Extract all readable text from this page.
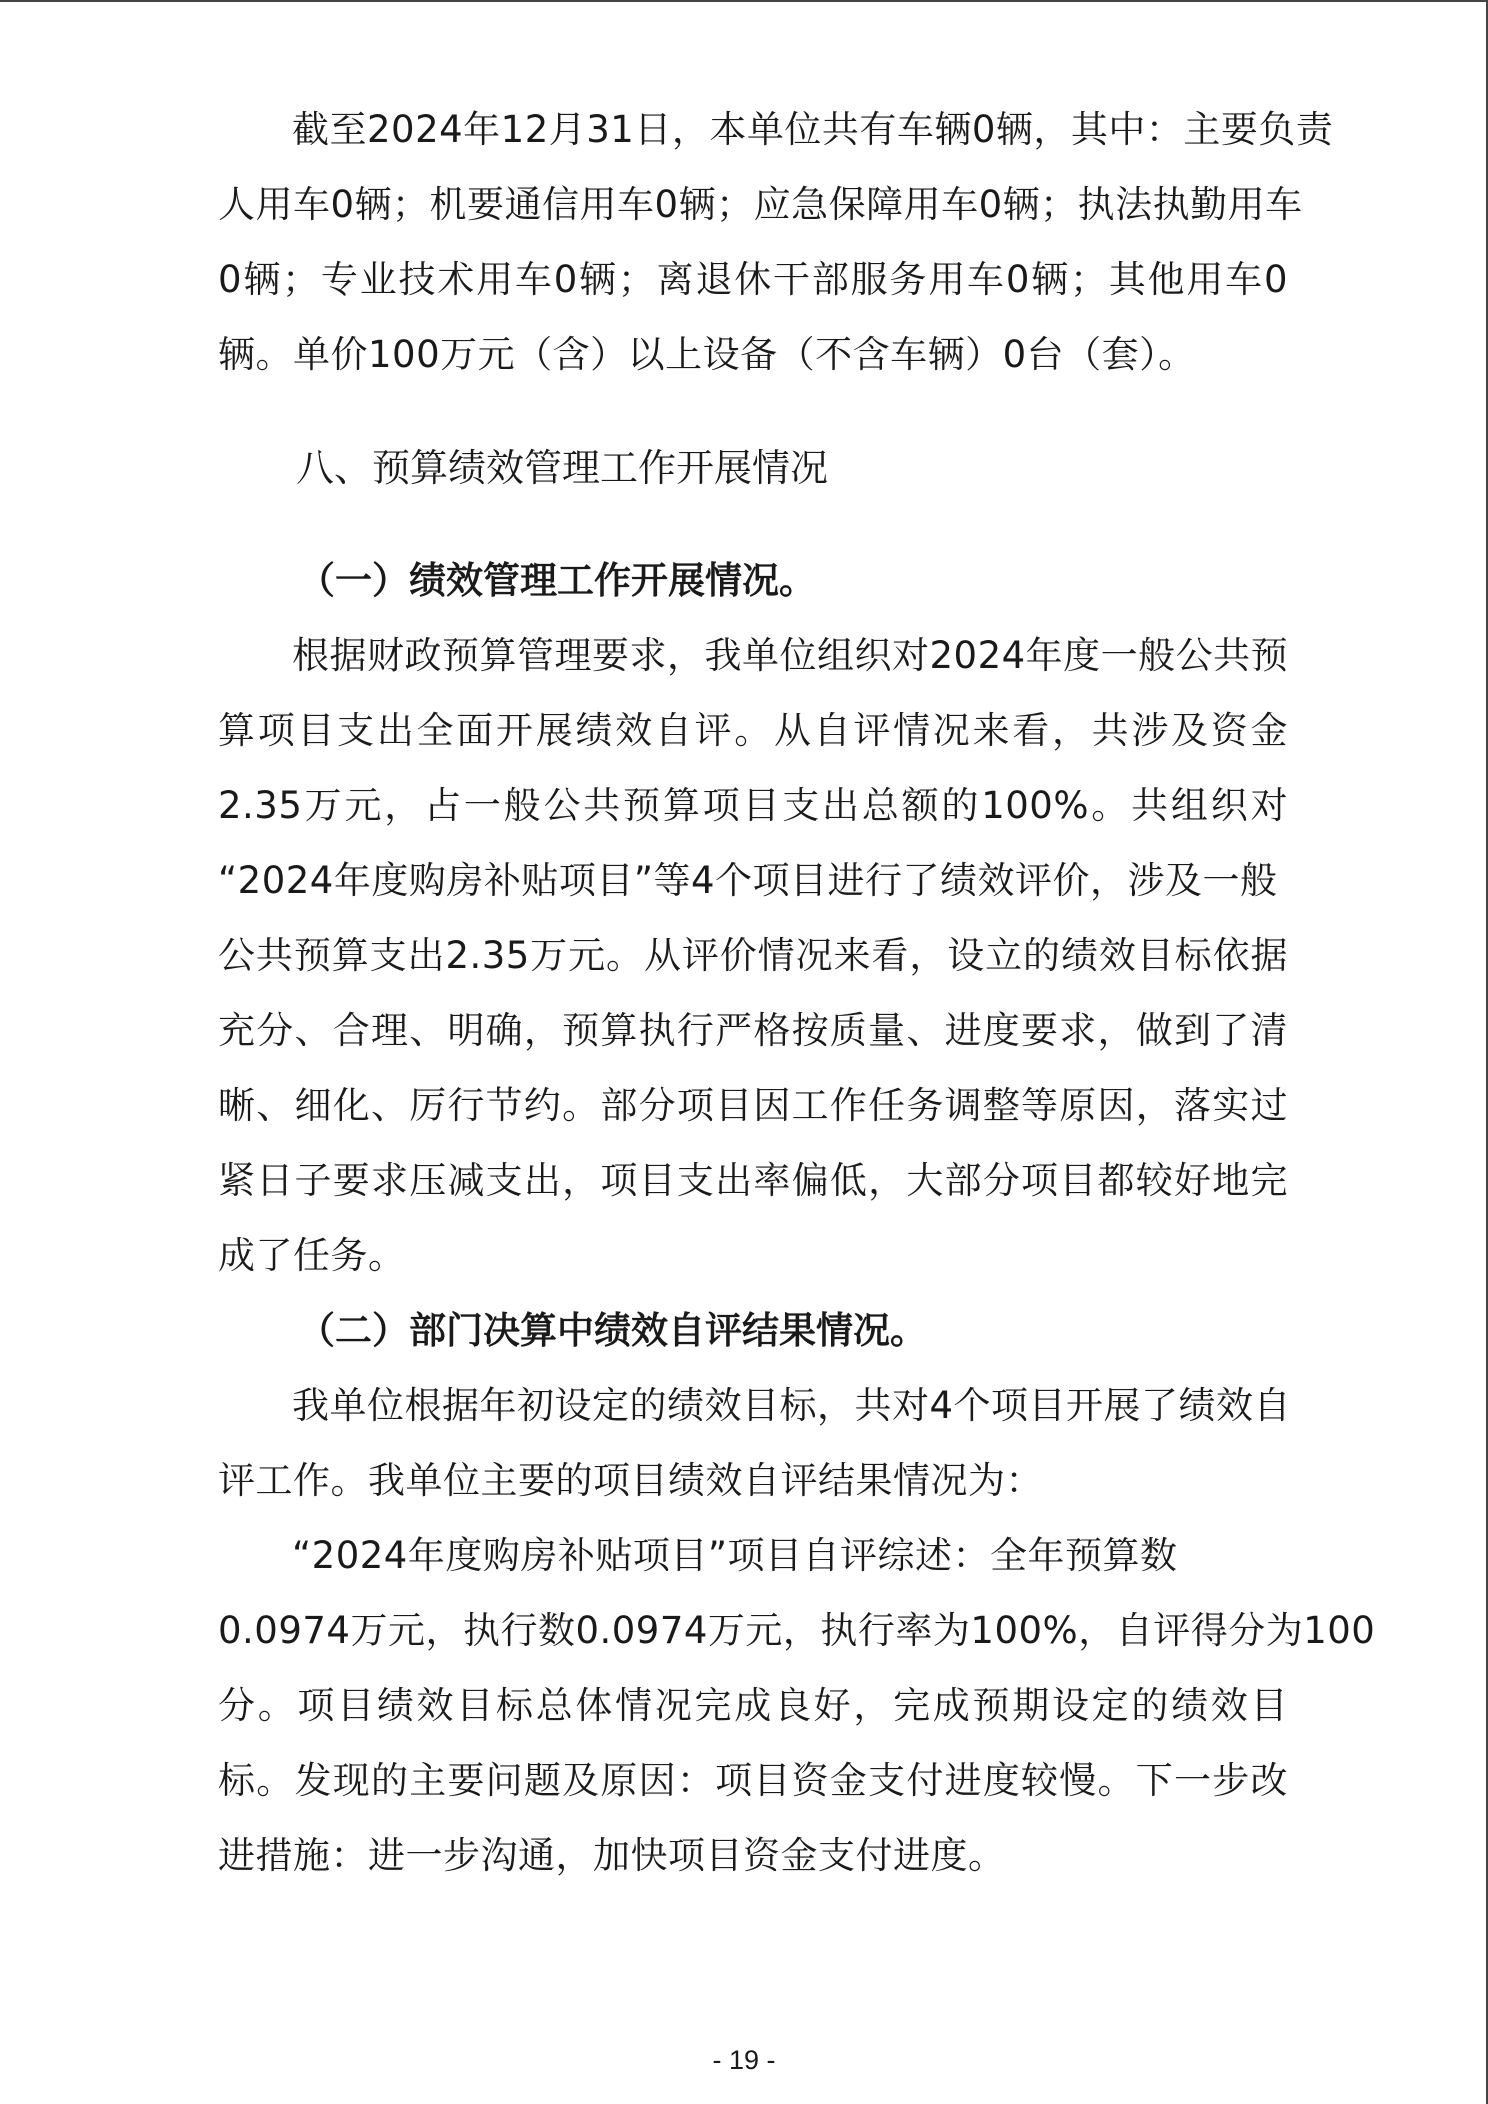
截至2024年12月31日，本单位共有车辆0辆，其中：主要负责
人用车0辆；机要通信用车0辆；应急保障用车0辆；执法执勤用车
0辆；专业技术用车0辆；离退休干部服务用车0辆；其他用车0
辆。单价100万元（含）以上设备（不含车辆）0台（套）。
八、预算绩效管理工作开展情况
（一）绩效管理工作开展情况。
根据财政预算管理要求，我单位组织对2024年度一般公共预
算项目支出全面开展绩效自评。从自评情况来看，共涉及资金
2.35万元，占一般公共预算项目支出总额的100%。共组织对
“2024年度购房补贴项目”等4个项目进行了绩效评价，涉及一般
公共预算支出2.35万元。从评价情况来看，设立的绩效目标依据
充分、合理、明确，预算执行严格按质量、进度要求，做到了清
晰、细化、厉行节约。部分项目因工作任务调整等原因，落实过
紧日子要求压减支出，项目支出率偏低，大部分项目都较好地完
成了任务。
（二）部门决算中绩效自评结果情况。
我单位根据年初设定的绩效目标，共对4个项目开展了绩效自
评工作。我单位主要的项目绩效自评结果情况为：
“2024年度购房补贴项目”项目自评综述：全年预算数
0.0974万元，执行数0.0974万元，执行率为100%，自评得分为100
分。项目绩效目标总体情况完成良好，完成预期设定的绩效目
标。发现的主要问题及原因：项目资金支付进度较慢。下一步改
进措施：进一步沟通，加快项目资金支付进度。
- 19 -
